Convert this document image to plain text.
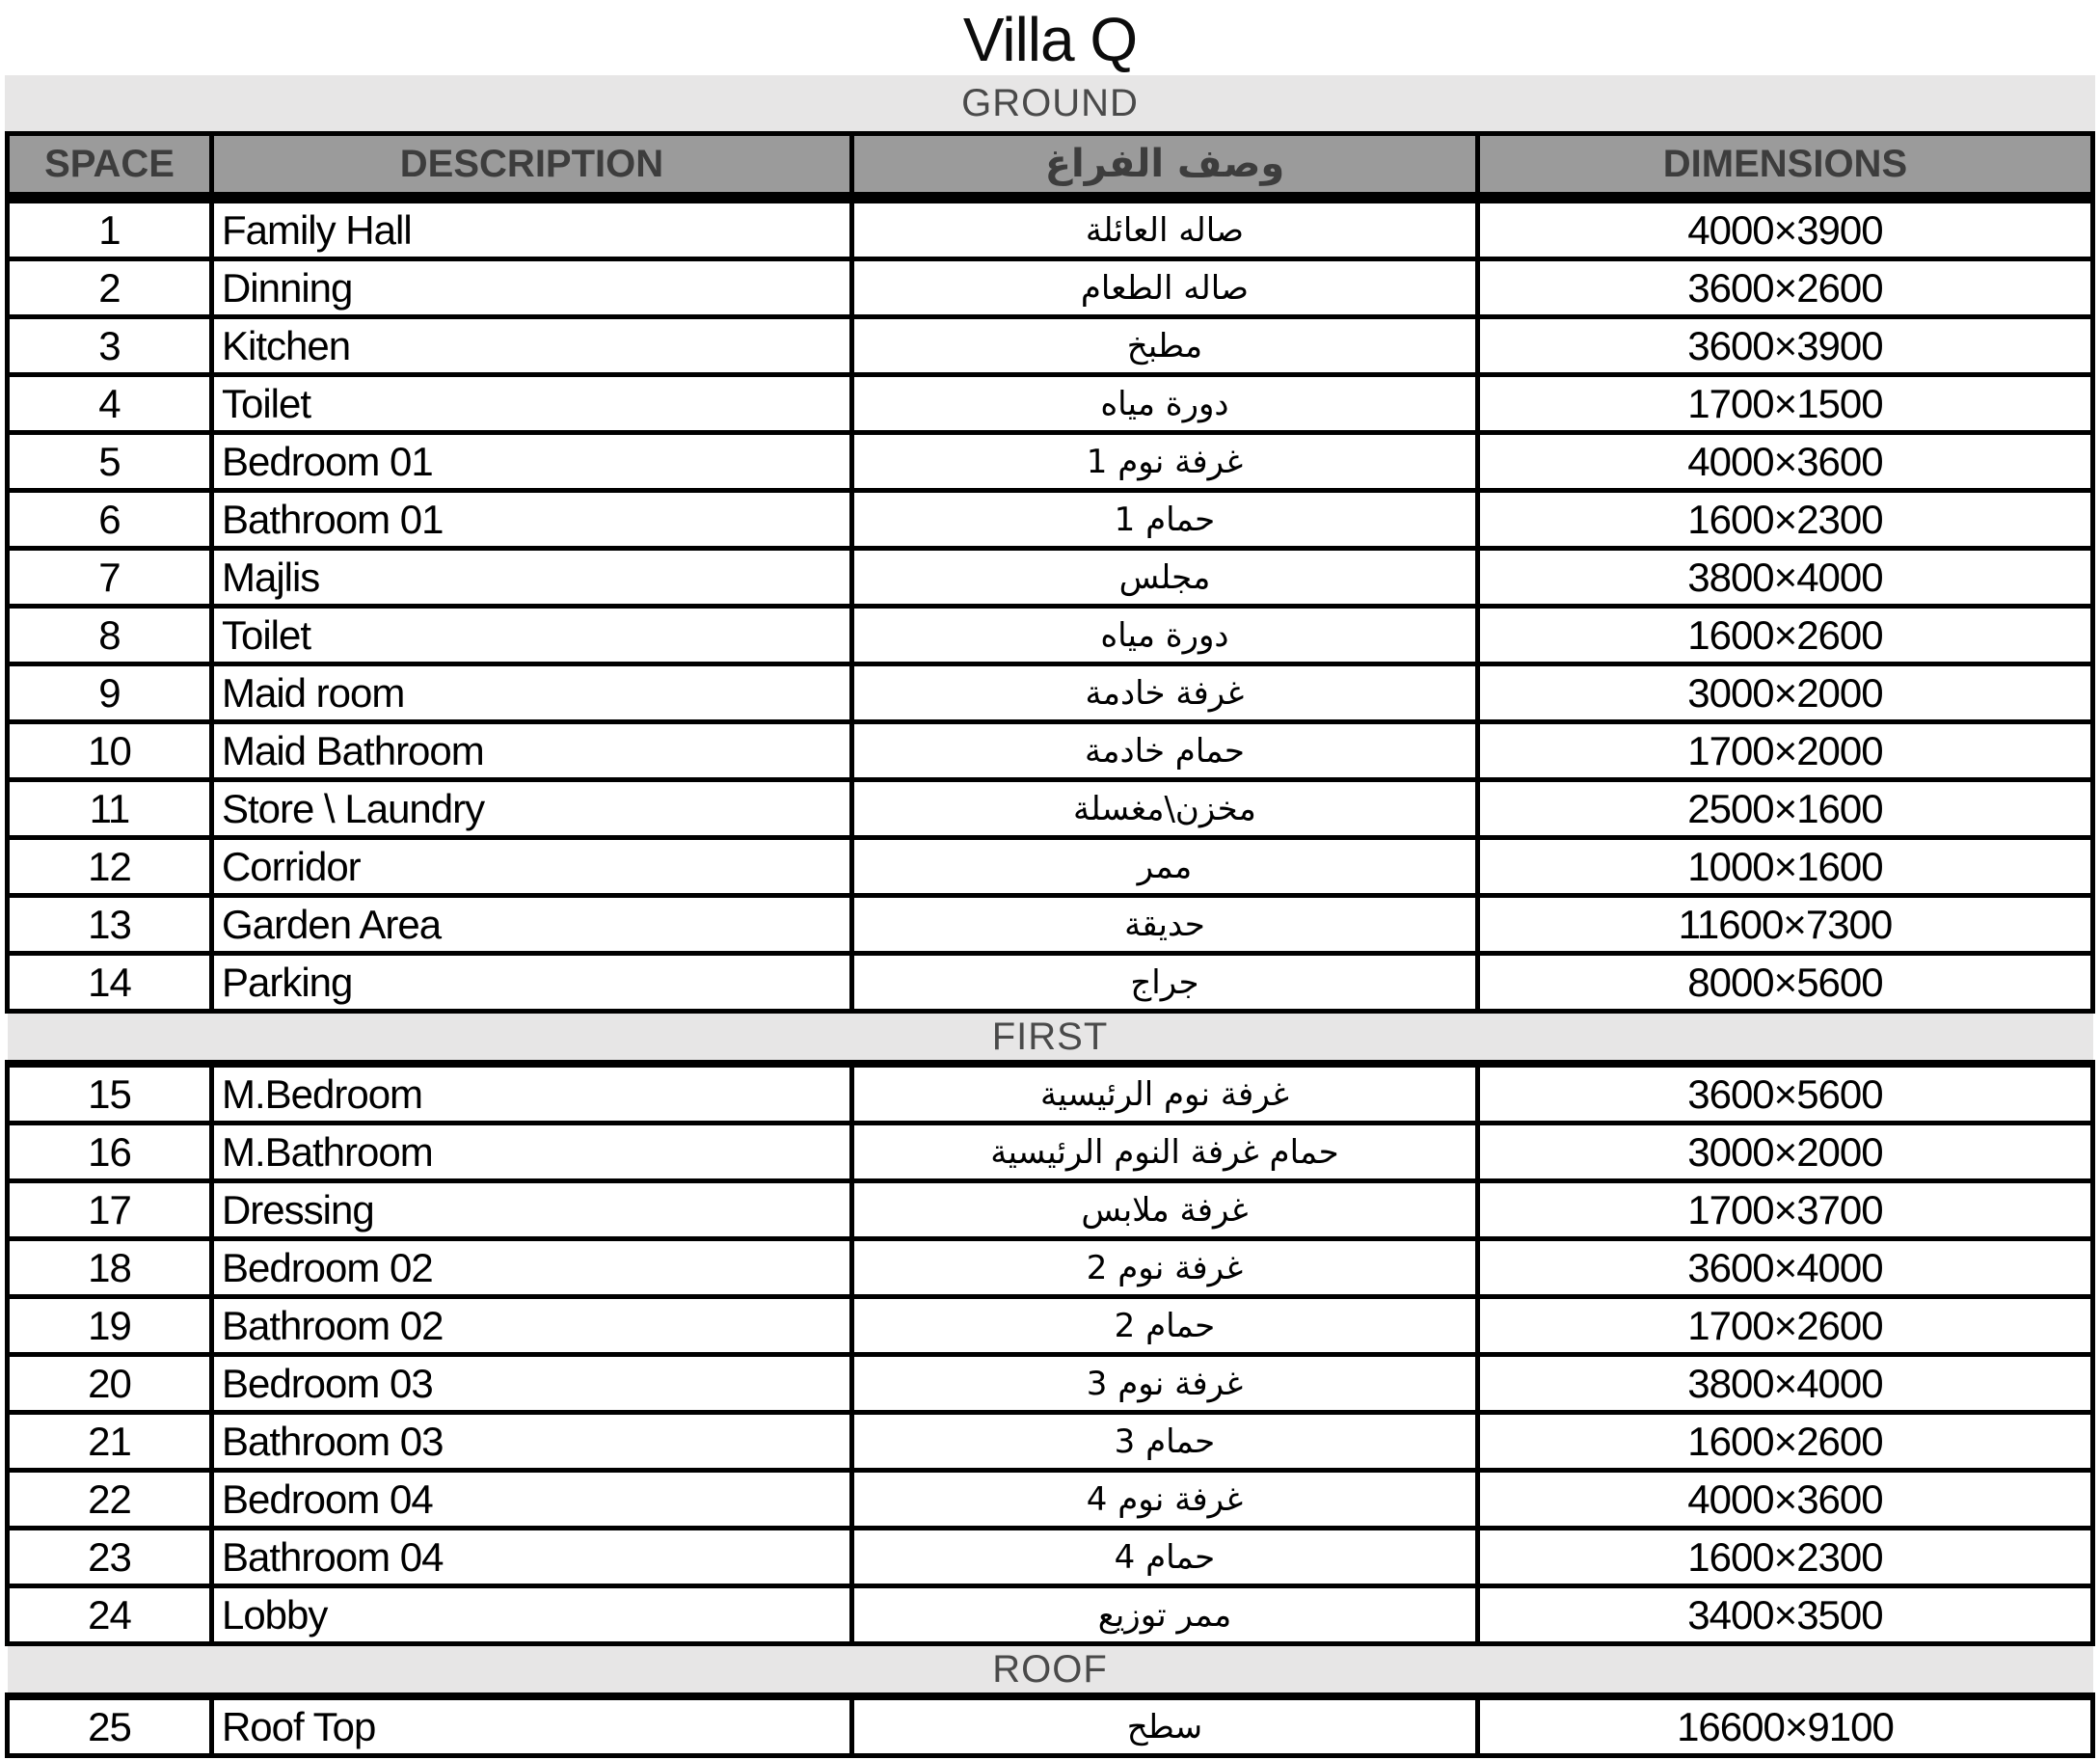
Villa Q
GROUND
SPACE	DESCRIPTION	وصف الفراغ	DIMENSIONS
1	Family Hall	صاله العائلة	4000×3900
2	Dinning	صاله الطعام	3600×2600
3	Kitchen	مطبخ	3600×3900
4	Toilet	دورة مياه	1700×1500
5	Bedroom 01	غرفة نوم 1	4000×3600
6	Bathroom 01	حمام 1	1600×2300
7	Majlis	مجلس	3800×4000
8	Toilet	دورة مياه	1600×2600
9	Maid room	غرفة خادمة	3000×2000
10	Maid Bathroom	حمام خادمة	1700×2000
11	Store \ Laundry	مخزن\مغسلة	2500×1600
12	Corridor	ممر	1000×1600
13	Garden Area	حديقة	11600×7300
14	Parking	جراج	8000×5600
FIRST			
15	M.Bedroom	غرفة نوم الرئيسية	3600×5600
16	M.Bathroom	حمام غرفة النوم الرئيسية	3000×2000
17	Dressing	غرفة ملابس	1700×3700
18	Bedroom 02	غرفة نوم 2	3600×4000
19	Bathroom 02	حمام 2	1700×2600
20	Bedroom 03	غرفة نوم 3	3800×4000
21	Bathroom 03	حمام 3	1600×2600
22	Bedroom 04	غرفة نوم 4	4000×3600
23	Bathroom 04	حمام 4	1600×2300
24	Lobby	ممر توزيع	3400×3500
ROOF			
25	Roof Top	سطح	16600×9100
